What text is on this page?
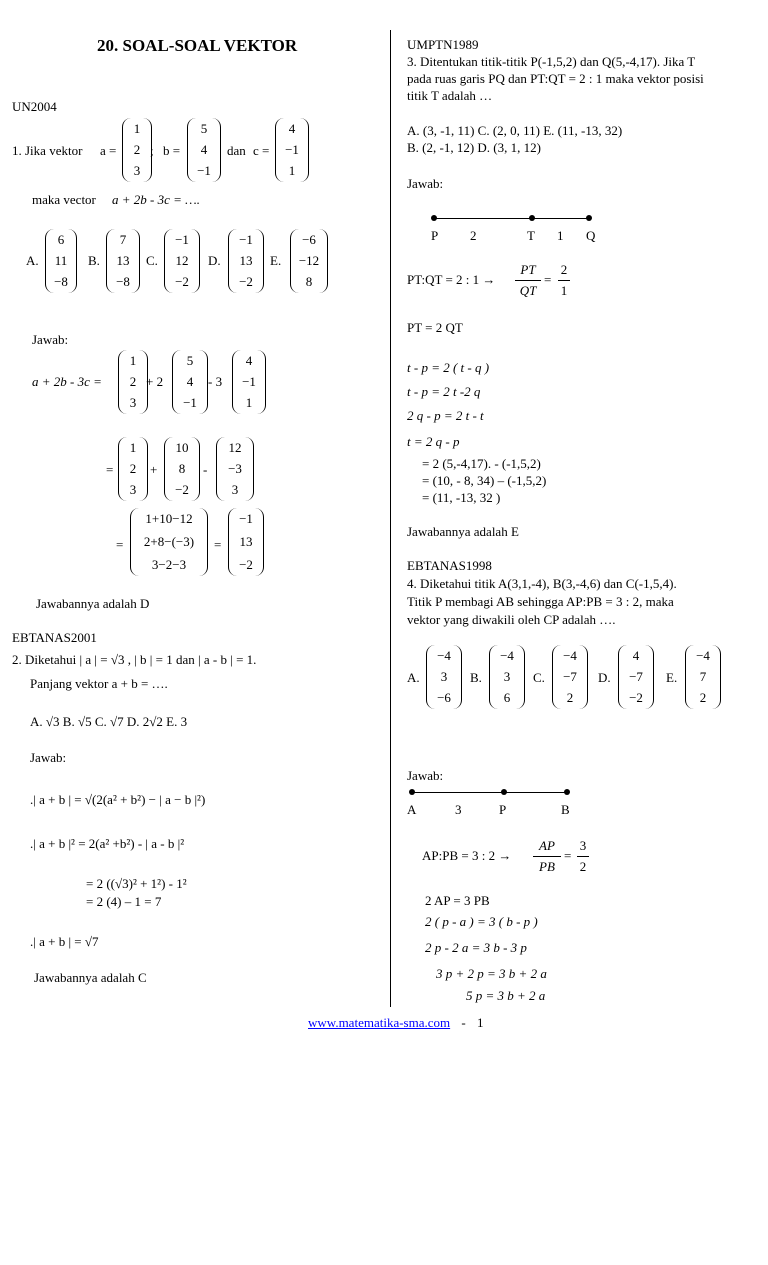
20. SOAL-SOAL VEKTOR
UN2004
1. Jika vektor a =
1
2
3
; b =
5
4
−1
dan c =
4
−1
1
maka vector a + 2b - 3c = ….
A.
6
11
−8
B.
7
13
−8
C.
−1
12
−2
D.
−1
13
−2
E.
−6
−12
8
Jawab:
a + 2b - 3c =
1
2
3
+ 2
5
4
−1
- 3
4
−1
1
=
1
2
3
+
10
8
−2
-
12
−3
3
=
1+10−12
2+8−(−3)
3−2−3
=
−1
13
−2
Jawabannya adalah D
EBTANAS2001
2. Diketahui | a | = √3 , | b | = 1 dan | a - b | = 1.
Panjang vektor a + b = ….
A. √3 B. √5 C. √7 D. 2√2 E. 3
Jawab:
.| a + b | = √(2(a² + b²) − | a − b |²)
.| a + b |² = 2(a² +b²) - | a - b |²
= 2 ((√3)² + 1²) - 1²
= 2 (4) – 1 = 7
.| a + b | = √7
Jawabannya adalah C
UMPTN1989
3. Ditentukan titik-titik P(-1,5,2) dan Q(5,-4,17). Jika T
pada ruas garis PQ dan PT:QT = 2 : 1 maka vektor posisi
titik T adalah …
A. (3, -1, 11) C. (2, 0, 11) E. (11, -13, 32)
B. (2, -1, 12) D. (3, 1, 12)
Jawab:
P 2	T 1 Q
PT:QT = 2 : 1 →
PT
QT
=
2
1
PT = 2 QT
t - p = 2 ( t - q )
t - p = 2 t -2 q
2 q - p = 2 t - t
t = 2 q - p
= 2 (5,-4,17). - (-1,5,2)
= (10, - 8, 34) – (-1,5,2)
= (11, -13, 32 )
Jawabannya adalah E
EBTANAS1998
4. Diketahui titik A(3,1,-4), B(3,-4,6) dan C(-1,5,4).
Titik P membagi AB sehingga AP:PB = 3 : 2, maka
vektor yang diwakili oleh CP adalah ….
A.
−4
3
−6
B.
−4
3
6
C.
−4
−7
2
D.
4
−7
−2
E.
−4
7
2
Jawab:
A	3	P	B
AP:PB = 3 : 2 →
AP
PB
=
3
2
2 AP = 3 PB
2 ( p - a ) = 3 ( b - p )
2 p - 2 a = 3 b - 3 p
3 p + 2 p = 3 b + 2 a
5 p = 3 b + 2 a
www.matematika-sma.com - 1
